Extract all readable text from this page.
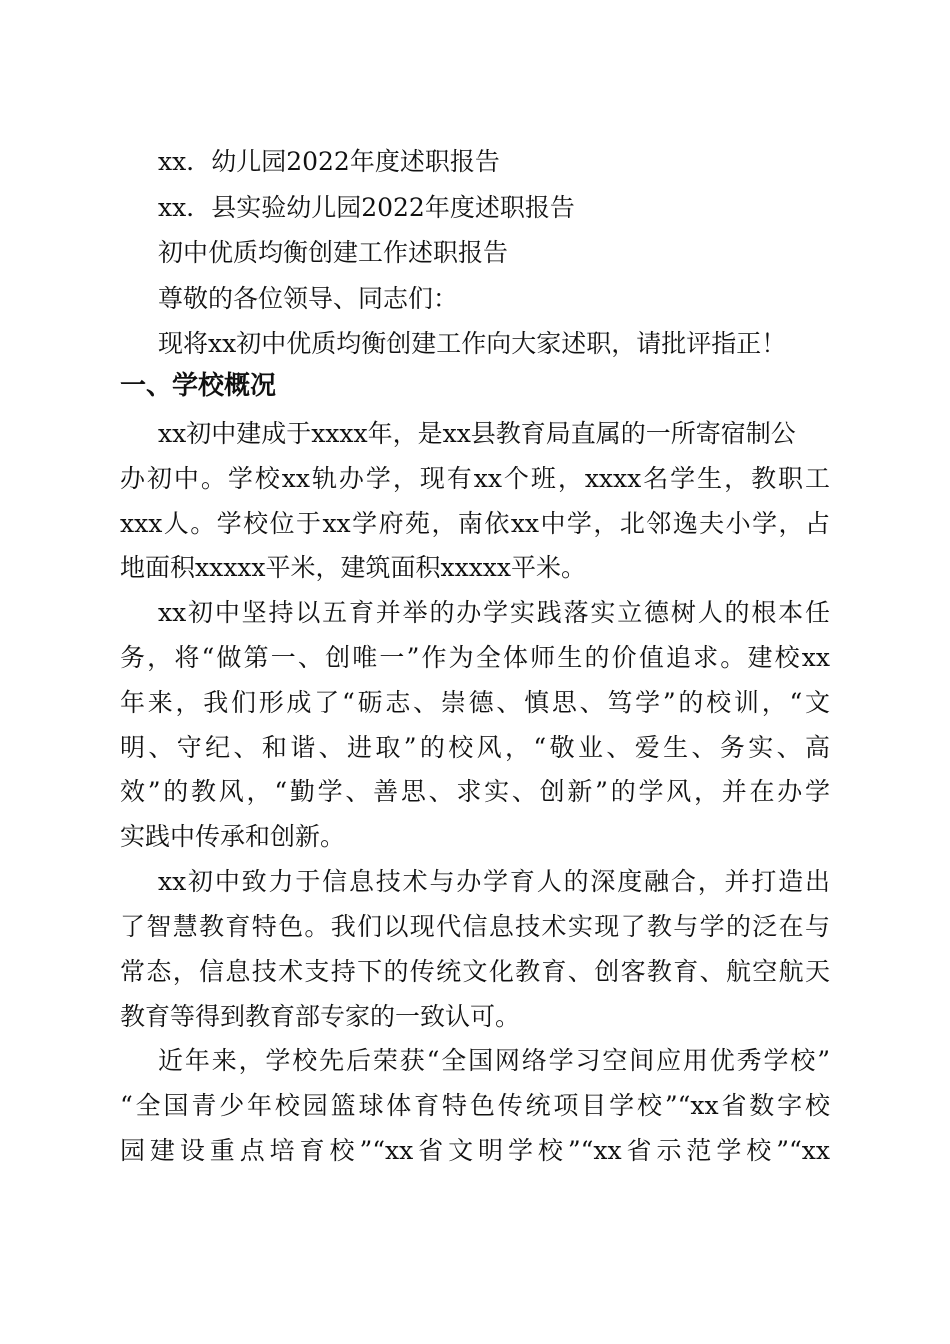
xx．幼儿园2022年度述职报告
xx．县实验幼儿园2022年度述职报告
初中优质均衡创建工作述职报告
尊敬的各位领导、同志们：
现将xx初中优质均衡创建工作向大家述职，请批评指正！
一、学校概况
xx初中建成于xxxx年，是xx县教育局直属的一所寄宿制公
办初中。学校xx轨办学，现有xx个班，xxxx名学生，教职工
xxx人。学校位于xx学府苑，南依xx中学，北邻逸夫小学，占
地面积xxxxx平米，建筑面积xxxxx平米。
xx初中坚持以五育并举的办学实践落实立德树人的根本任
务，将“做第一、创唯一”作为全体师生的价值追求。建校xx
年来，我们形成了“砺志、崇德、慎思、笃学”的校训，“文
明、守纪、和谐、进取”的校风，“敬业、爱生、务实、高
效”的教风，“勤学、善思、求实、创新”的学风，并在办学
实践中传承和创新。
xx初中致力于信息技术与办学育人的深度融合，并打造出
了智慧教育特色。我们以现代信息技术实现了教与学的泛在与
常态，信息技术支持下的传统文化教育、创客教育、航空航天
教育等得到教育部专家的一致认可。
近年来，学校先后荣获“全国网络学习空间应用优秀学校”
“全国青少年校园篮球体育特色传统项目学校”“xx省数字校
园建设重点培育校”“xx省文明学校”“xx省示范学校”“xx
